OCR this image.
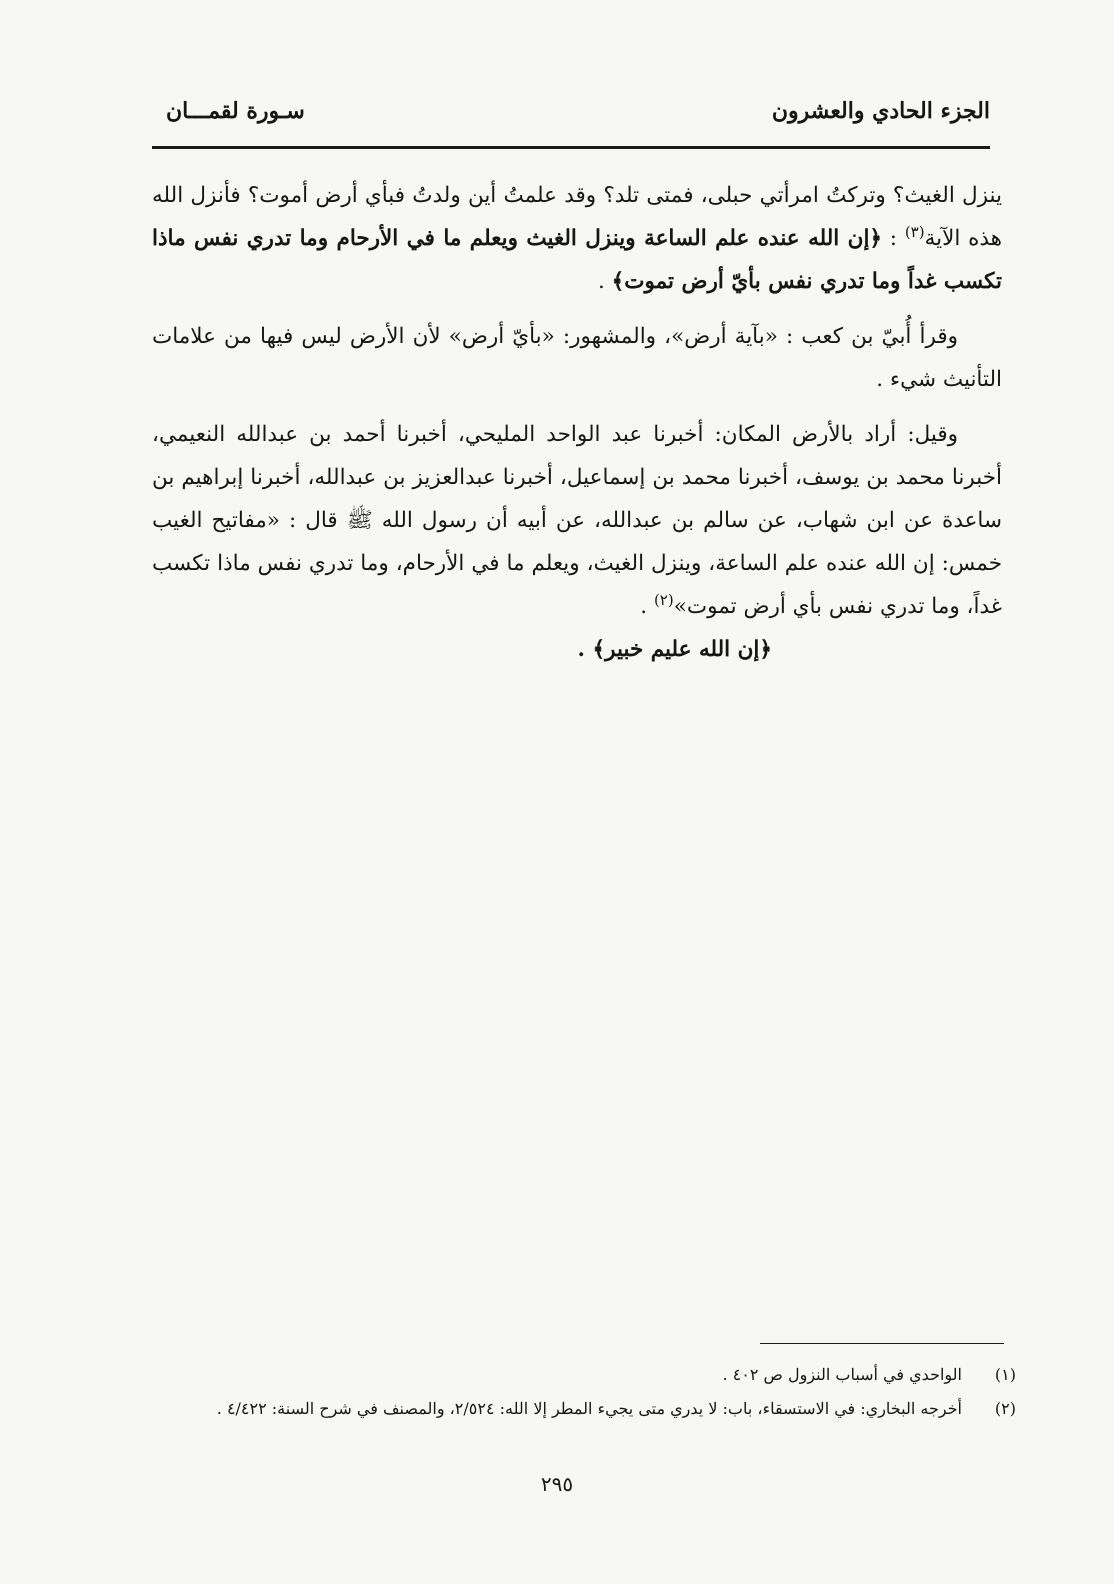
الجزء الحادي والعشرون
سـورة لقمـــان

ينزل الغيث؟ وتركتُ امرأتي حبلى، فمتى تلد؟ وقد علمتُ أين ولدتُ فبأي أرض أموت؟ فأنزل الله هذه الآية$^{(٣)}$ : ﴿إن الله عنده علم الساعة وينزل الغيث ويعلم ما في الأرحام وما تدري نفس ماذا تكسب غداً وما تدري نفس بأيّ أرض تموت﴾ .

وقرأ أُبيّ بن كعب : «بآية أرض»، والمشهور: «بأيّ أرض» لأن الأرض ليس فيها من علامات التأنيث شيء .

وقيل: أراد بالأرض المكان: أخبرنا عبد الواحد المليحي، أخبرنا أحمد بن عبدالله النعيمي، أخبرنا محمد بن يوسف، أخبرنا محمد بن إسماعيل، أخبرنا عبدالعزيز بن عبدالله، أخبرنا إبراهيم بن ساعدة عن ابن شهاب، عن سالم بن عبدالله، عن أبيه أن رسول الله ﷺ قال : «مفاتيح الغيب خمس: إن الله عنده علم الساعة، وينزل الغيث، ويعلم ما في الأرحام، وما تدري نفس ماذا تكسب غداً، وما تدري نفس بأي أرض تموت»$^{(٢)}$ .

﴿إن الله عليم خبير﴾ .

(١)الواحدي في أسباب النزول ص ٤٠٢ .
(٢)أخرجه البخاري: في الاستسقاء، باب: لا يدري متى يجيء المطر إلا الله: ٢/٥٢٤، والمصنف في شرح السنة: ٤/٤٢٢ .
٢٩٥
